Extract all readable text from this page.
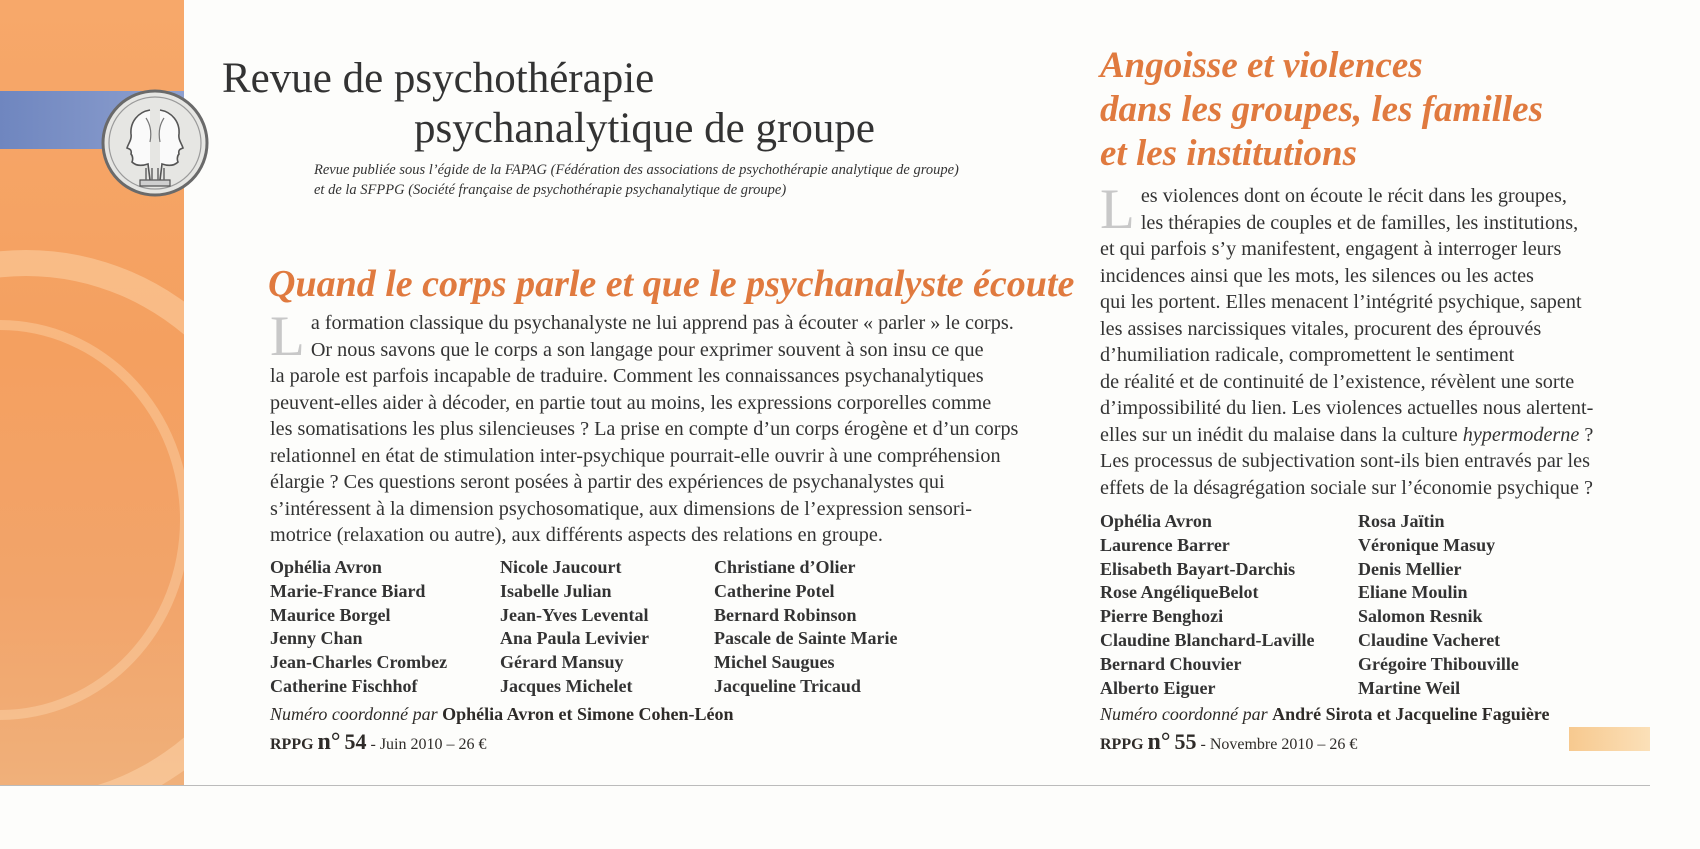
Revue de psychothérapie
psychanalytique de groupe
Revue publiée sous l’égide de la FAPAG (Fédération des associations de psychothérapie analytique de groupe)
et de la SFPPG (Société française de psychothérapie psychanalytique de groupe)
Quand le corps parle et que le psychanalyste écoute
L a formation classique du psychanalyste ne lui apprend pas à écouter « parler » le corps.
Or nous savons que le corps a son langage pour exprimer souvent à son insu ce que
la parole est parfois incapable de traduire. Comment les connaissances psychanalytiques
peuvent-elles aider à décoder, en partie tout au moins, les expressions corporelles comme
les somatisations les plus silencieuses ? La prise en compte d’un corps érogène et d’un corps
relationnel en état de stimulation inter-psychique pourrait-elle ouvrir à une compréhension
élargie ? Ces questions seront posées à partir des expériences de psychanalystes qui
s’intéressent à la dimension psychosomatique, aux dimensions de l’expression sensori-
motrice (relaxation ou autre), aux différents aspects des relations en groupe.
Ophélia Avron
Marie-France Biard
Maurice Borgel
Jenny Chan
Jean-Charles Crombez
Catherine Fischhof
Nicole Jaucourt
Isabelle Julian
Jean-Yves Levental
Ana Paula Levivier
Gérard Mansuy
Jacques Michelet
Christiane d’Olier
Catherine Potel
Bernard Robinson
Pascale de Sainte Marie
Michel Saugues
Jacqueline Tricaud
Numéro coordonné par Ophélia Avron et Simone Cohen-Léon
RPPG n° 54 - Juin 2010 – 26 €
Angoisse et violences
dans les groupes, les familles
et les institutions
L es violences dont on écoute le récit dans les groupes,
les thérapies de couples et de familles, les institutions,
et qui parfois s’y manifestent, engagent à interroger leurs
incidences ainsi que les mots, les silences ou les actes
qui les portent. Elles menacent l’intégrité psychique, sapent
les assises narcissiques vitales, procurent des éprouvés
d’humiliation radicale, compromettent le sentiment
de réalité et de continuité de l’existence, révèlent une sorte
d’impossibilité du lien. Les violences actuelles nous alertent-
elles sur un inédit du malaise dans la culture hypermoderne ?
Les processus de subjectivation sont-ils bien entravés par les
effets de la désagrégation sociale sur l’économie psychique ?
Ophélia Avron
Laurence Barrer
Elisabeth Bayart-Darchis
Rose AngéliqueBelot
Pierre Benghozi
Claudine Blanchard-Laville
Bernard Chouvier
Alberto Eiguer
Rosa Jaïtin
Véronique Masuy
Denis Mellier
Eliane Moulin
Salomon Resnik
Claudine Vacheret
Grégoire Thibouville
Martine Weil
Numéro coordonné par André Sirota et Jacqueline Faguière
RPPG n° 55 - Novembre 2010 – 26 €
